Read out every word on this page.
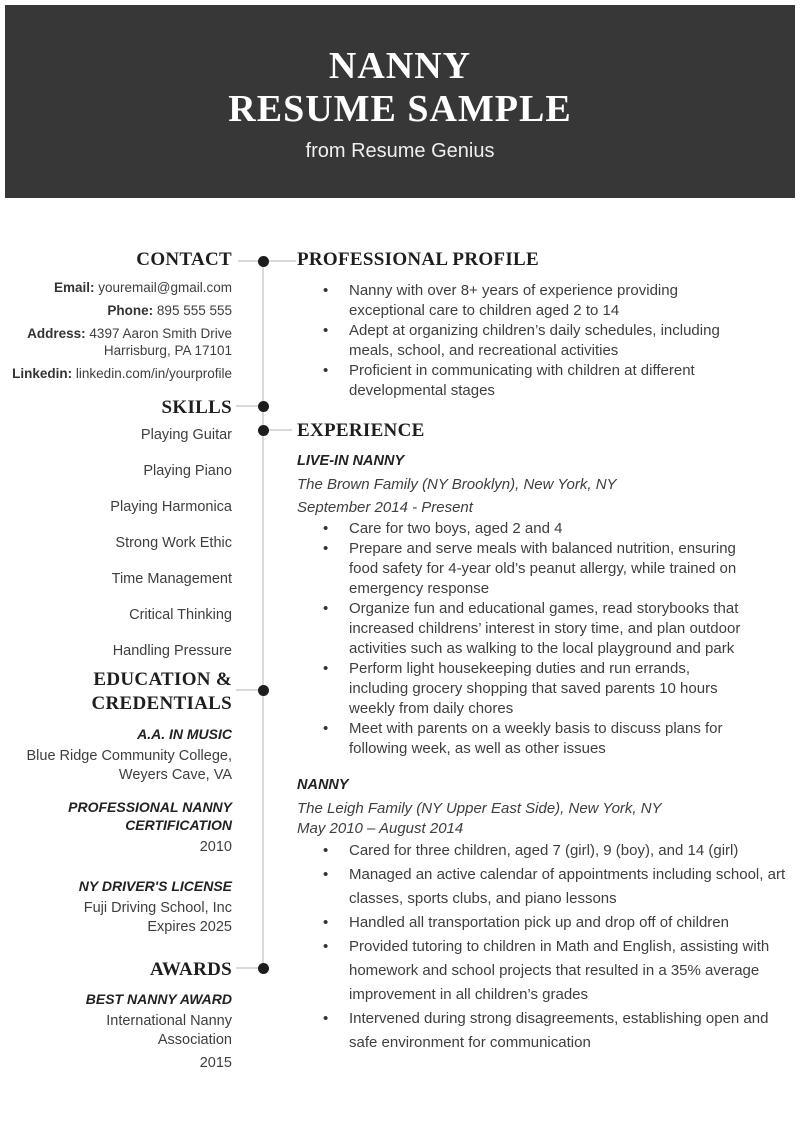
NANNY
RESUME SAMPLE

from Resume Genius

CONTACT
Email: youremail@gmail.com
Phone: 895 555 555
Address: 4397 Aaron Smith Drive
Harrisburg, PA 17101
Linkedin: linkedin.com/in/yourprofile
SKILLS
Playing Guitar
Playing Piano
Playing Harmonica
Strong Work Ethic
Time Management
Critical Thinking
Handling Pressure
EDUCATION & CREDENTIALS
A.A. IN MUSIC
Blue Ridge Community College,
Weyers Cave, VA
PROFESSIONAL NANNY CERTIFICATION
2010
NY DRIVER'S LICENSE
Fuji Driving School, Inc
Expires 2025
AWARDS
BEST NANNY AWARD
International Nanny
Association
2015
PROFESSIONAL PROFILE
• Nanny with over 8+ years of experience providing exceptional care to children aged 2 to 14
• Adept at organizing children’s daily schedules, including meals, school, and recreational activities
• Proficient in communicating with children at different developmental stages
EXPERIENCE
LIVE-IN NANNY

The Brown Family (NY Brooklyn), New York, NY

September 2014 - Present

• Care for two boys, aged 2 and 4
• Prepare and serve meals with balanced nutrition, ensuring food safety for 4-year old’s peanut allergy, while trained on emergency response
• Organize fun and educational games, read storybooks that increased childrens’ interest in story time, and plan outdoor activities such as walking to the local playground and park
• Perform light housekeeping duties and run errands, including grocery shopping that saved parents 10 hours weekly from daily chores
• Meet with parents on a weekly basis to discuss plans for following week, as well as other issues
NANNY

The Leigh Family (NY Upper East Side), New York, NY

May 2010 – August 2014

• Cared for three children, aged 7 (girl), 9 (boy), and 14 (girl)
• Managed an active calendar of appointments including school, art classes, sports clubs, and piano lessons
• Handled all transportation pick up and drop off of children
• Provided tutoring to children in Math and English, assisting with homework and school projects that resulted in a 35% average improvement in all children’s grades
• Intervened during strong disagreements, establishing open and safe environment for communication
